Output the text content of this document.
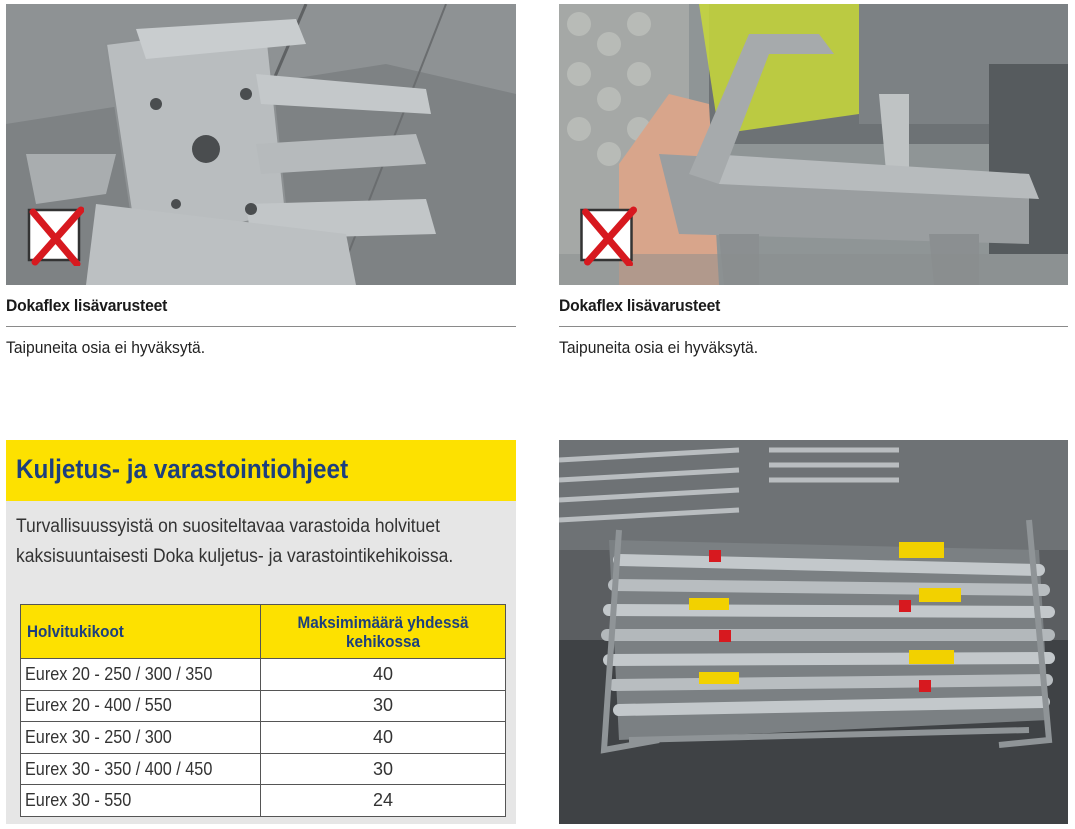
Dokaflex lisävarusteet
Taipuneita osia ei hyväksytä.
Dokaflex lisävarusteet
Taipuneita osia ei hyväksytä.
Kuljetus- ja varastointiohjeet
Turvallisuussyistä on suositeltavaa varastoida holvituet kaksisuuntaisesti Doka kuljetus- ja varastointikehikoissa.
Holvitukikoot	Maksimimäärä yhdessä kehikossa
Eurex 20 - 250 / 300 / 350	40
Eurex 20 - 400 / 550	30
Eurex 30 - 250 / 300	40
Eurex 30 - 350 / 400 / 450	30
Eurex 30 - 550	24
